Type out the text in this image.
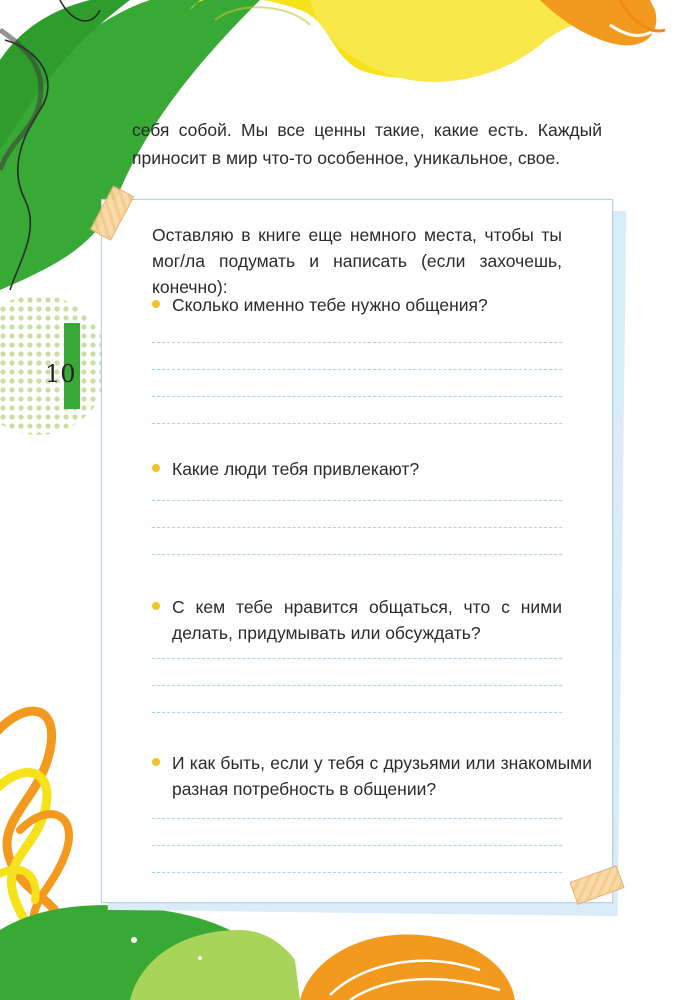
себя собой. Мы все ценны такие, какие есть. Каждый приносит в мир что-то особенное, уникальное, свое.

10

Оставляю в книге еще немного места, чтобы ты мог/ла подумать и написать (если захочешь, конечно):

Сколько именно тебе нужно общения?

Какие люди тебя привлекают?

С кем тебе нравится общаться, что с ними делать, придумывать или обсуждать?

И как быть, если у тебя с друзьями или знакомыми разная потребность в общении?
